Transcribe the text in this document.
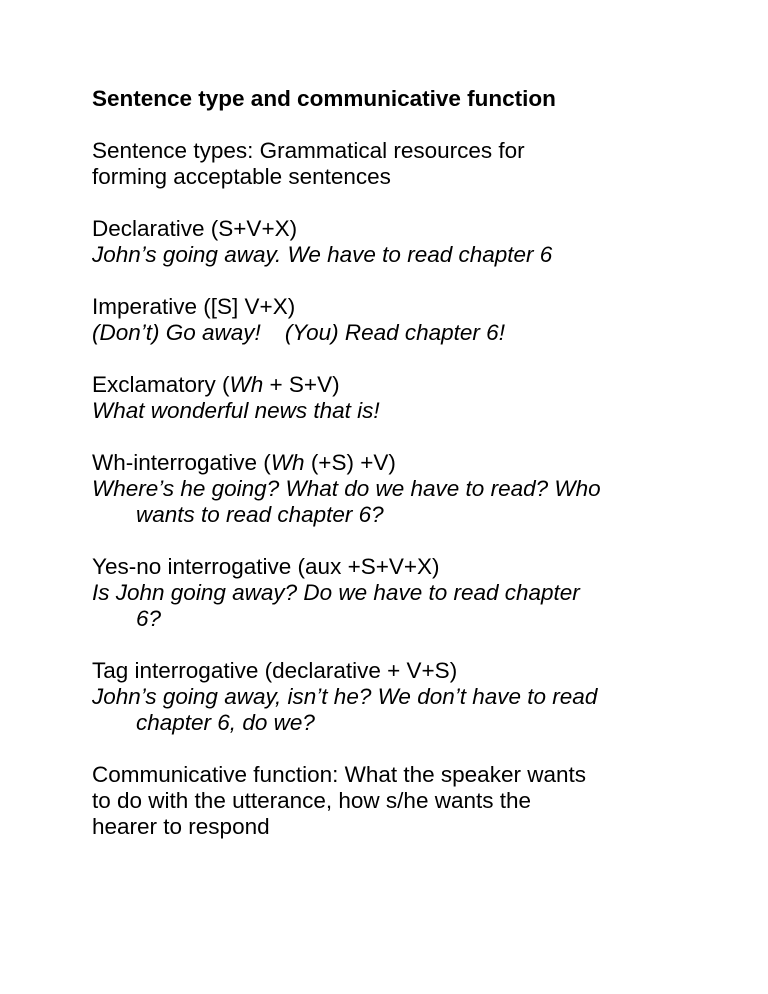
Sentence type and communicative function
Sentence types: Grammatical resources for
forming acceptable sentences
Declarative (S+V+X)
John’s going away. We have to read chapter 6
Imperative ([S] V+X)
(Don’t) Go away! (You) Read chapter 6!
Exclamatory (Wh + S+V)
What wonderful news that is!
Wh-interrogative (Wh (+S) +V)
Where’s he going? What do we have to read? Who
wants to read chapter 6?
Yes-no interrogative (aux +S+V+X)
Is John going away? Do we have to read chapter
6?
Tag interrogative (declarative + V+S)
John’s going away, isn’t he? We don’t have to read
chapter 6, do we?
Communicative function: What the speaker wants
to do with the utterance, how s/he wants the
hearer to respond
